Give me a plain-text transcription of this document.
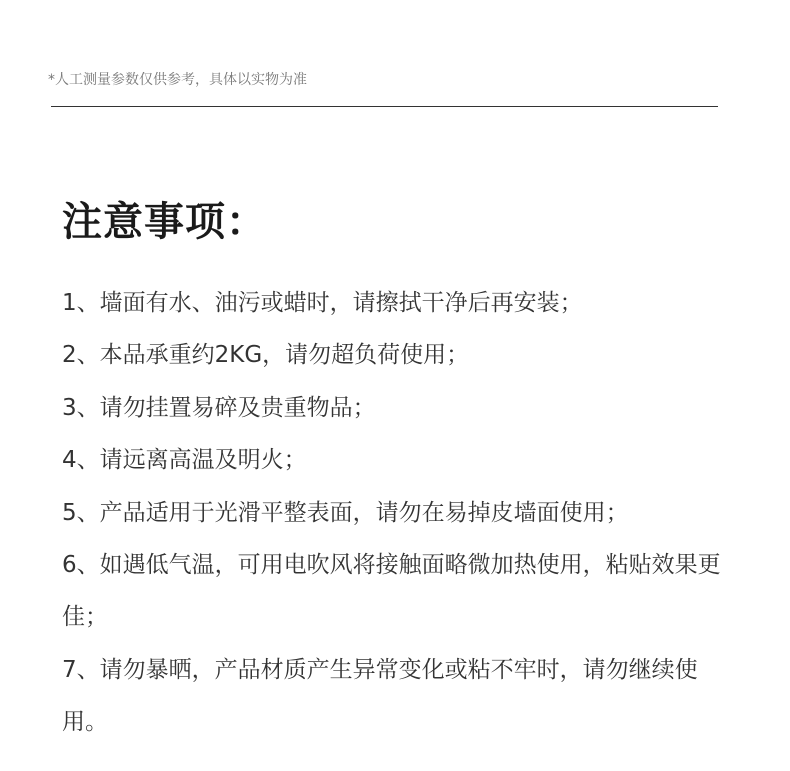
*人工测量参数仅供参考，具体以实物为准
注意事项：
1、墙面有水、油污或蜡时，请擦拭干净后再安装；
2、本品承重约2KG，请勿超负荷使用；
3、请勿挂置易碎及贵重物品；
4、请远离高温及明火；
5、产品适用于光滑平整表面，请勿在易掉皮墙面使用；
6、如遇低气温，可用电吹风将接触面略微加热使用，粘贴效果更佳；
7、请勿暴晒，产品材质产生异常变化或粘不牢时，请勿继续使用。
